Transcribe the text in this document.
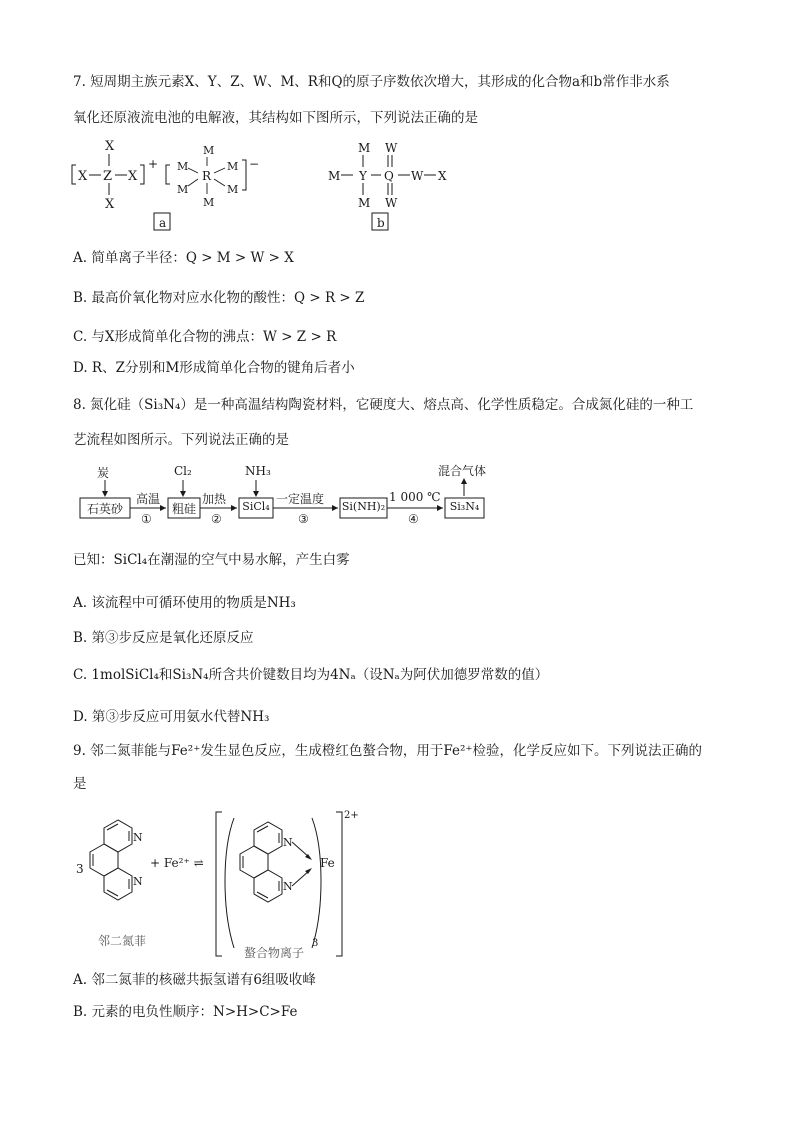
7. 短周期主族元素X、Y、Z、W、M、R和Q的原子序数依次增大，其形成的化合物a和b常作非水系
氧化还原液流电池的电解液，其结构如下图所示，下列说法正确的是
X Z X
X
X
+
M
M
R
M
M	M
M
−
a
M
M Y
M
Q
W
W
W X
b
A. 简单离子半径：Q > M > W > X
B. 最高价氧化物对应水化物的酸性：Q > R > Z
C. 与X形成简单化合物的沸点：W > Z > R
D. R、Z分别和M形成简单化合物的键角后者小
8. 氮化硅（Si₃N₄）是一种高温结构陶瓷材料，它硬度大、熔点高、化学性质稳定。合成氮化硅的一种工
艺流程如图所示。下列说法正确的是
石英砂	粗硅	SiCl₄	Si(NH)₂	Si₃N₄
炭	Cl₂	NH₃	混合气体
高温	加热	一定温度	1 000 ℃
①	②	③	④
已知：SiCl₄在潮湿的空气中易水解，产生白雾
A. 该流程中可循环使用的物质是NH₃
B. 第③步反应是氧化还原反应
C. 1molSiCl₄和Si₃N₄所含共价键数目均为4Nₐ（设Nₐ为阿伏加德罗常数的值）
D. 第③步反应可用氨水代替NH₃
9. 邻二氮菲能与Fe²⁺发生显色反应，生成橙红色螯合物，用于Fe²⁺检验，化学反应如下。下列说法正确的
是
N
N
N
N
3	+ Fe²⁺ ⇌	Fe
2+
3
邻二氮菲
螯合物离子
A. 邻二氮菲的核磁共振氢谱有6组吸收峰
B. 元素的电负性顺序：N>H>C>Fe
